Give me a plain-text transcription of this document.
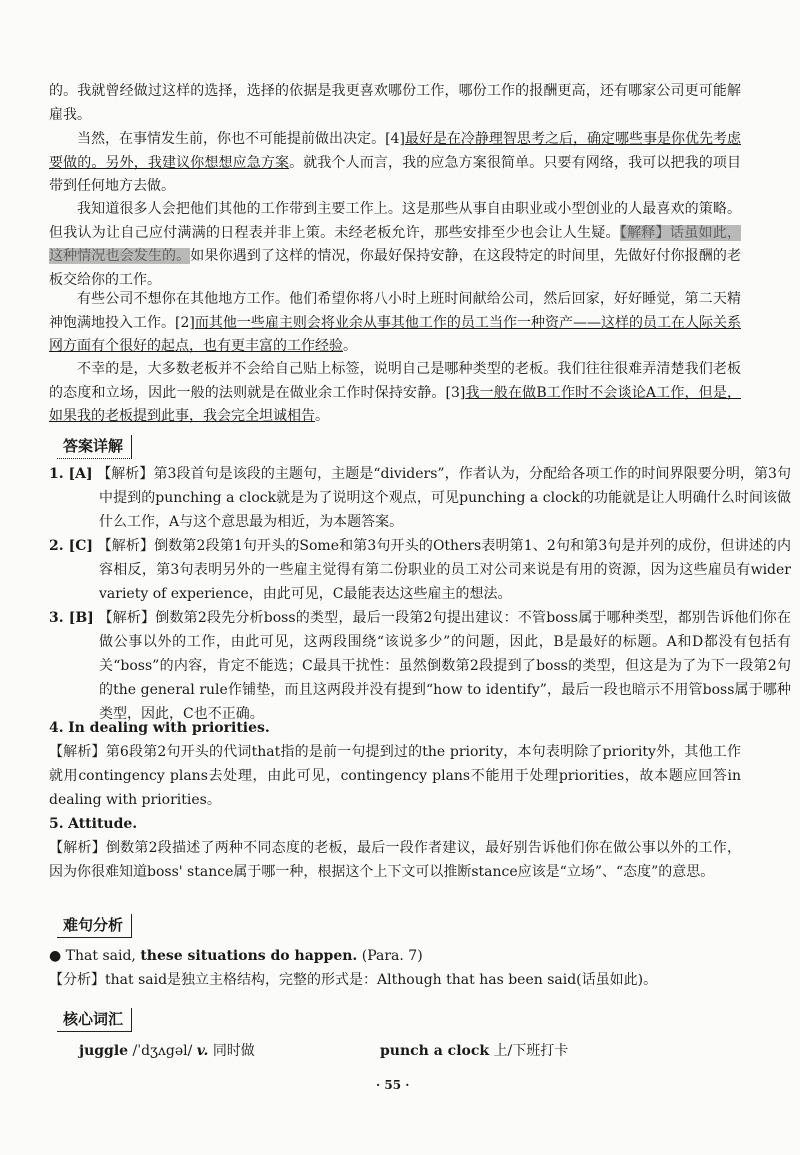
的。我就曾经做过这样的选择，选择的依据是我更喜欢哪份工作，哪份工作的报酬更高，还有哪家公司更可能解雇我。

当然，在事情发生前，你也不可能提前做出决定。[4]最好是在冷静理智思考之后，确定哪些事是你优先考虑要做的。另外，我建议你想想应急方案。就我个人而言，我的应急方案很简单。只要有网络，我可以把我的项目带到任何地方去做。

我知道很多人会把他们其他的工作带到主要工作上。这是那些从事自由职业或小型创业的人最喜欢的策略。但我认为让自己应付满满的日程表并非上策。未经老板允许，那些安排至少也会让人生疑。【解释】话虽如此，这种情况也会发生的。如果你遇到了这样的情况，你最好保持安静，在这段特定的时间里，先做好付你报酬的老板交给你的工作。

有些公司不想你在其他地方工作。他们希望你将八小时上班时间献给公司，然后回家，好好睡觉，第二天精神饱满地投入工作。[2]而其他一些雇主则会将业余从事其他工作的员工当作一种资产——这样的员工在人际关系网方面有个很好的起点，也有更丰富的工作经验。

不幸的是，大多数老板并不会给自己贴上标签，说明自己是哪种类型的老板。我们往往很难弄清楚我们老板的态度和立场，因此一般的法则就是在做业余工作时保持安静。[3]我一般在做B工作时不会谈论A工作，但是，如果我的老板提到此事，我会完全坦诚相告。

答案详解
1. [A] 【解析】第3段首句是该段的主题句，主题是“dividers”，作者认为，分配给各项工作的时间界限要分明，第3句中提到的punching a clock就是为了说明这个观点，可见punching a clock的功能就是让人明确什么时间该做什么工作，A与这个意思最为相近，为本题答案。
2. [C] 【解析】倒数第2段第1句开头的Some和第3句开头的Others表明第1、2句和第3句是并列的成份，但讲述的内容相反，第3句表明另外的一些雇主觉得有第二份职业的员工对公司来说是有用的资源，因为这些雇员有wider variety of experience，由此可见，C最能表达这些雇主的想法。
3. [B] 【解析】倒数第2段先分析boss的类型，最后一段第2句提出建议：不管boss属于哪种类型，都别告诉他们你在做公事以外的工作，由此可见，这两段围绕“该说多少”的问题，因此，B是最好的标题。A和D都没有包括有关“boss”的内容，肯定不能选；C最具干扰性：虽然倒数第2段提到了boss的类型，但这是为了为下一段第2句的the general rule作铺垫，而且这两段并没有提到“how to identify”，最后一段也暗示不用管boss属于哪种类型，因此，C也不正确。
4. In dealing with priorities.
【解析】第6段第2句开头的代词that指的是前一句提到过的the priority，本句表明除了priority外，其他工作就用contingency plans去处理，由此可见，contingency plans不能用于处理priorities，故本题应回答in dealing with priorities。
5. Attitude.
【解析】倒数第2段描述了两种不同态度的老板，最后一段作者建议，最好别告诉他们你在做公事以外的工作，因为你很难知道boss' stance属于哪一种，根据这个上下文可以推断stance应该是“立场”、“态度”的意思。
难句分析
● That said, these situations do happen. (Para. 7)
【分析】that said是独立主格结构，完整的形式是：Although that has been said(话虽如此)。
核心词汇
juggle /ˈdʒʌgəl/ v. 同时做	punch a clock 上/下班打卡
· 55 ·
